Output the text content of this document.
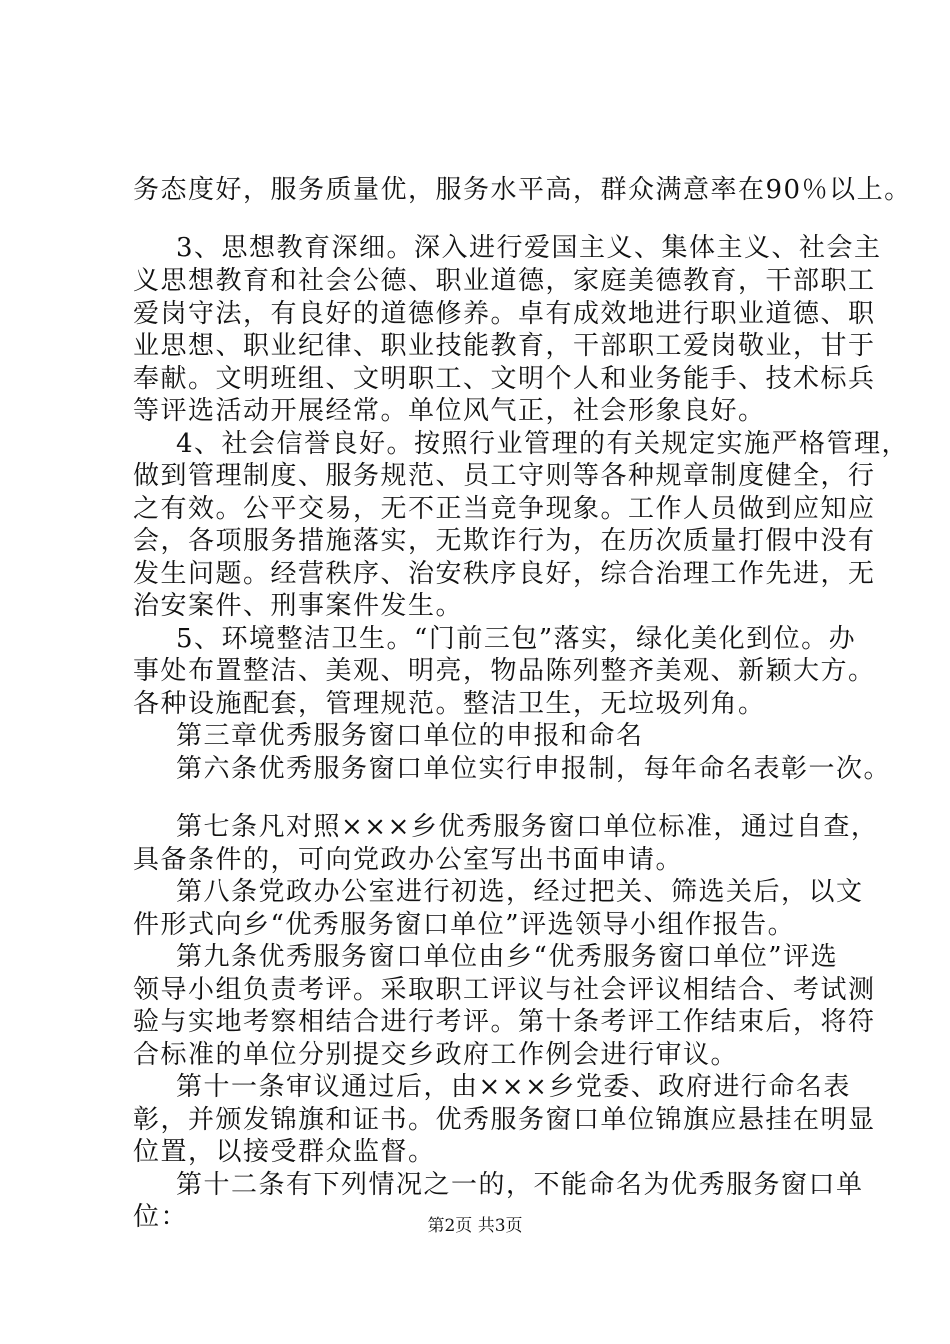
务态度好，服务质量优，服务水平高，群众满意率在90％以上。
3、思想教育深细。深入进行爱国主义、集体主义、社会主
义思想教育和社会公德、职业道德，家庭美德教育，干部职工
爱岗守法，有良好的道德修养。卓有成效地进行职业道德、职
业思想、职业纪律、职业技能教育，干部职工爱岗敬业，甘于
奉献。文明班组、文明职工、文明个人和业务能手、技术标兵
等评选活动开展经常。单位风气正，社会形象良好。
4、社会信誉良好。按照行业管理的有关规定实施严格管理，
做到管理制度、服务规范、员工守则等各种规章制度健全，行
之有效。公平交易，无不正当竞争现象。工作人员做到应知应
会，各项服务措施落实，无欺诈行为，在历次质量打假中没有
发生问题。经营秩序、治安秩序良好，综合治理工作先进，无
治安案件、刑事案件发生。
5、环境整洁卫生。“门前三包”落实，绿化美化到位。办
事处布置整洁、美观、明亮，物品陈列整齐美观、新颖大方。
各种设施配套，管理规范。整洁卫生，无垃圾列角。
第三章优秀服务窗口单位的申报和命名
第六条优秀服务窗口单位实行申报制，每年命名表彰一次。
第七条凡对照×××乡优秀服务窗口单位标准，通过自查，
具备条件的，可向党政办公室写出书面申请。
第八条党政办公室进行初选，经过把关、筛选关后，以文
件形式向乡“优秀服务窗口单位”评选领导小组作报告。
第九条优秀服务窗口单位由乡“优秀服务窗口单位”评选
领导小组负责考评。采取职工评议与社会评议相结合、考试测
验与实地考察相结合进行考评。第十条考评工作结束后，将符
合标准的单位分别提交乡政府工作例会进行审议。
第十一条审议通过后，由×××乡党委、政府进行命名表
彰，并颁发锦旗和证书。优秀服务窗口单位锦旗应悬挂在明显
位置，以接受群众监督。
第十二条有下列情况之一的，不能命名为优秀服务窗口单
位：	第2页 共3页
